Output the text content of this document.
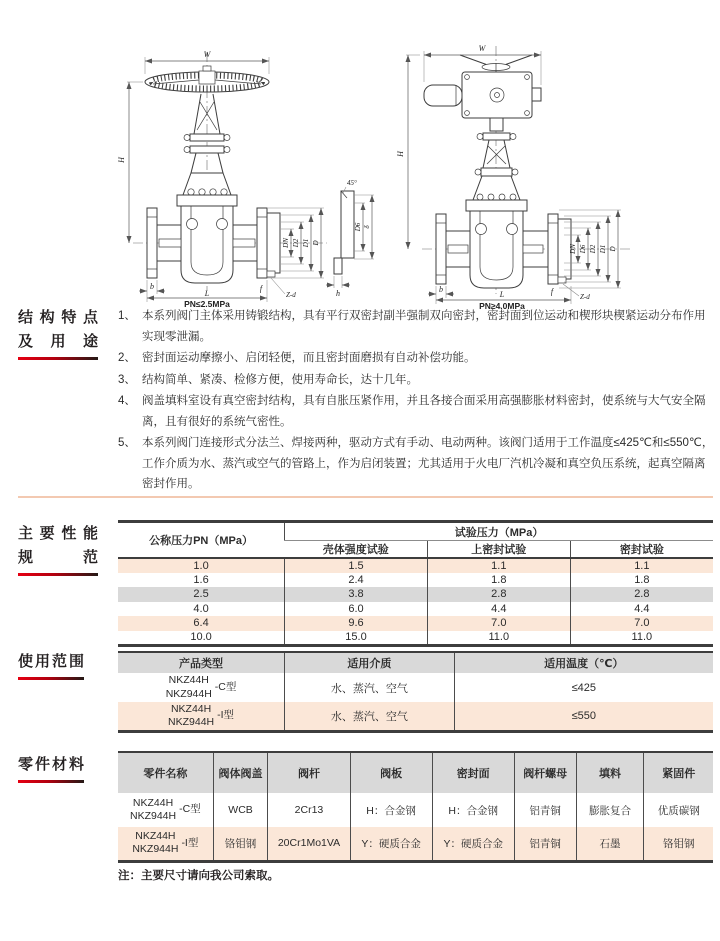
W
H
DN D2 D1 D
b
L
f
Z-d
45°
D6 δ
h
PN≤2.5MPa
W
H
DN D6 D2 D1 D
b
L	f
Z-d
PN≥4.0MPa
结构特点
及用途
1、 本系列阀门主体采用铸锻结构，具有平行双密封副半强制双向密封，密封面到位运动和楔形块楔紧运动分布作用实现零泄漏。
2、 密封面运动摩擦小、启闭轻便，而且密封面磨损有自动补偿功能。
3、 结构简单、紧凑、检修方便，使用寿命长，达十几年。
4、 阀盖填料室设有真空密封结构，具有自胀压紧作用，并且各接合面采用高强膨胀材料密封，使系统与大气安全隔离，且有很好的系统气密性。
5、 本系列阀门连接形式分法兰、焊接两种，驱动方式有手动、电动两种。该阀门适用于工作温度≤425℃和≤550℃，工作介质为水、蒸汽或空气的管路上，作为启闭装置；尤其适用于火电厂汽机冷凝和真空负压系统，起真空隔离密封作用。
主要性能
规范
公称压力PN（MPa）	试验压力（MPa）		
	壳体强度试验	上密封试验	密封试验
1.0	1.5	1.1	1.1
1.6	2.4	1.8	1.8
2.5	3.8	2.8	2.8
4.0	6.0	4.4	4.4
6.4	9.6	7.0	7.0
10.0	15.0	11.0	11.0
使用范围	产品类型	适用介质	适用温度（℃）

NKZ44H
NKZ944H
-C型	水、蒸汽、空气	≤425

NKZ44H
NKZ944H
-I型	水、蒸汽、空气	≤550
零件材料
零件名称	阀体阀盖	阀杆	阀板	密封面	阀杆螺母	填料	紧固件

NKZ44H
NKZ944H
-C型	WCB	2Cr13	H：合金钢	H：合金钢	铝青铜	膨胀复合	优质碳钢

NKZ44H
NKZ944H
-I型	铬钼钢	20Cr1Mo1VA	Y：硬质合金	Y：硬质合金	铝青铜	石墨	铬钼钢
注：主要尺寸请向我公司索取。
